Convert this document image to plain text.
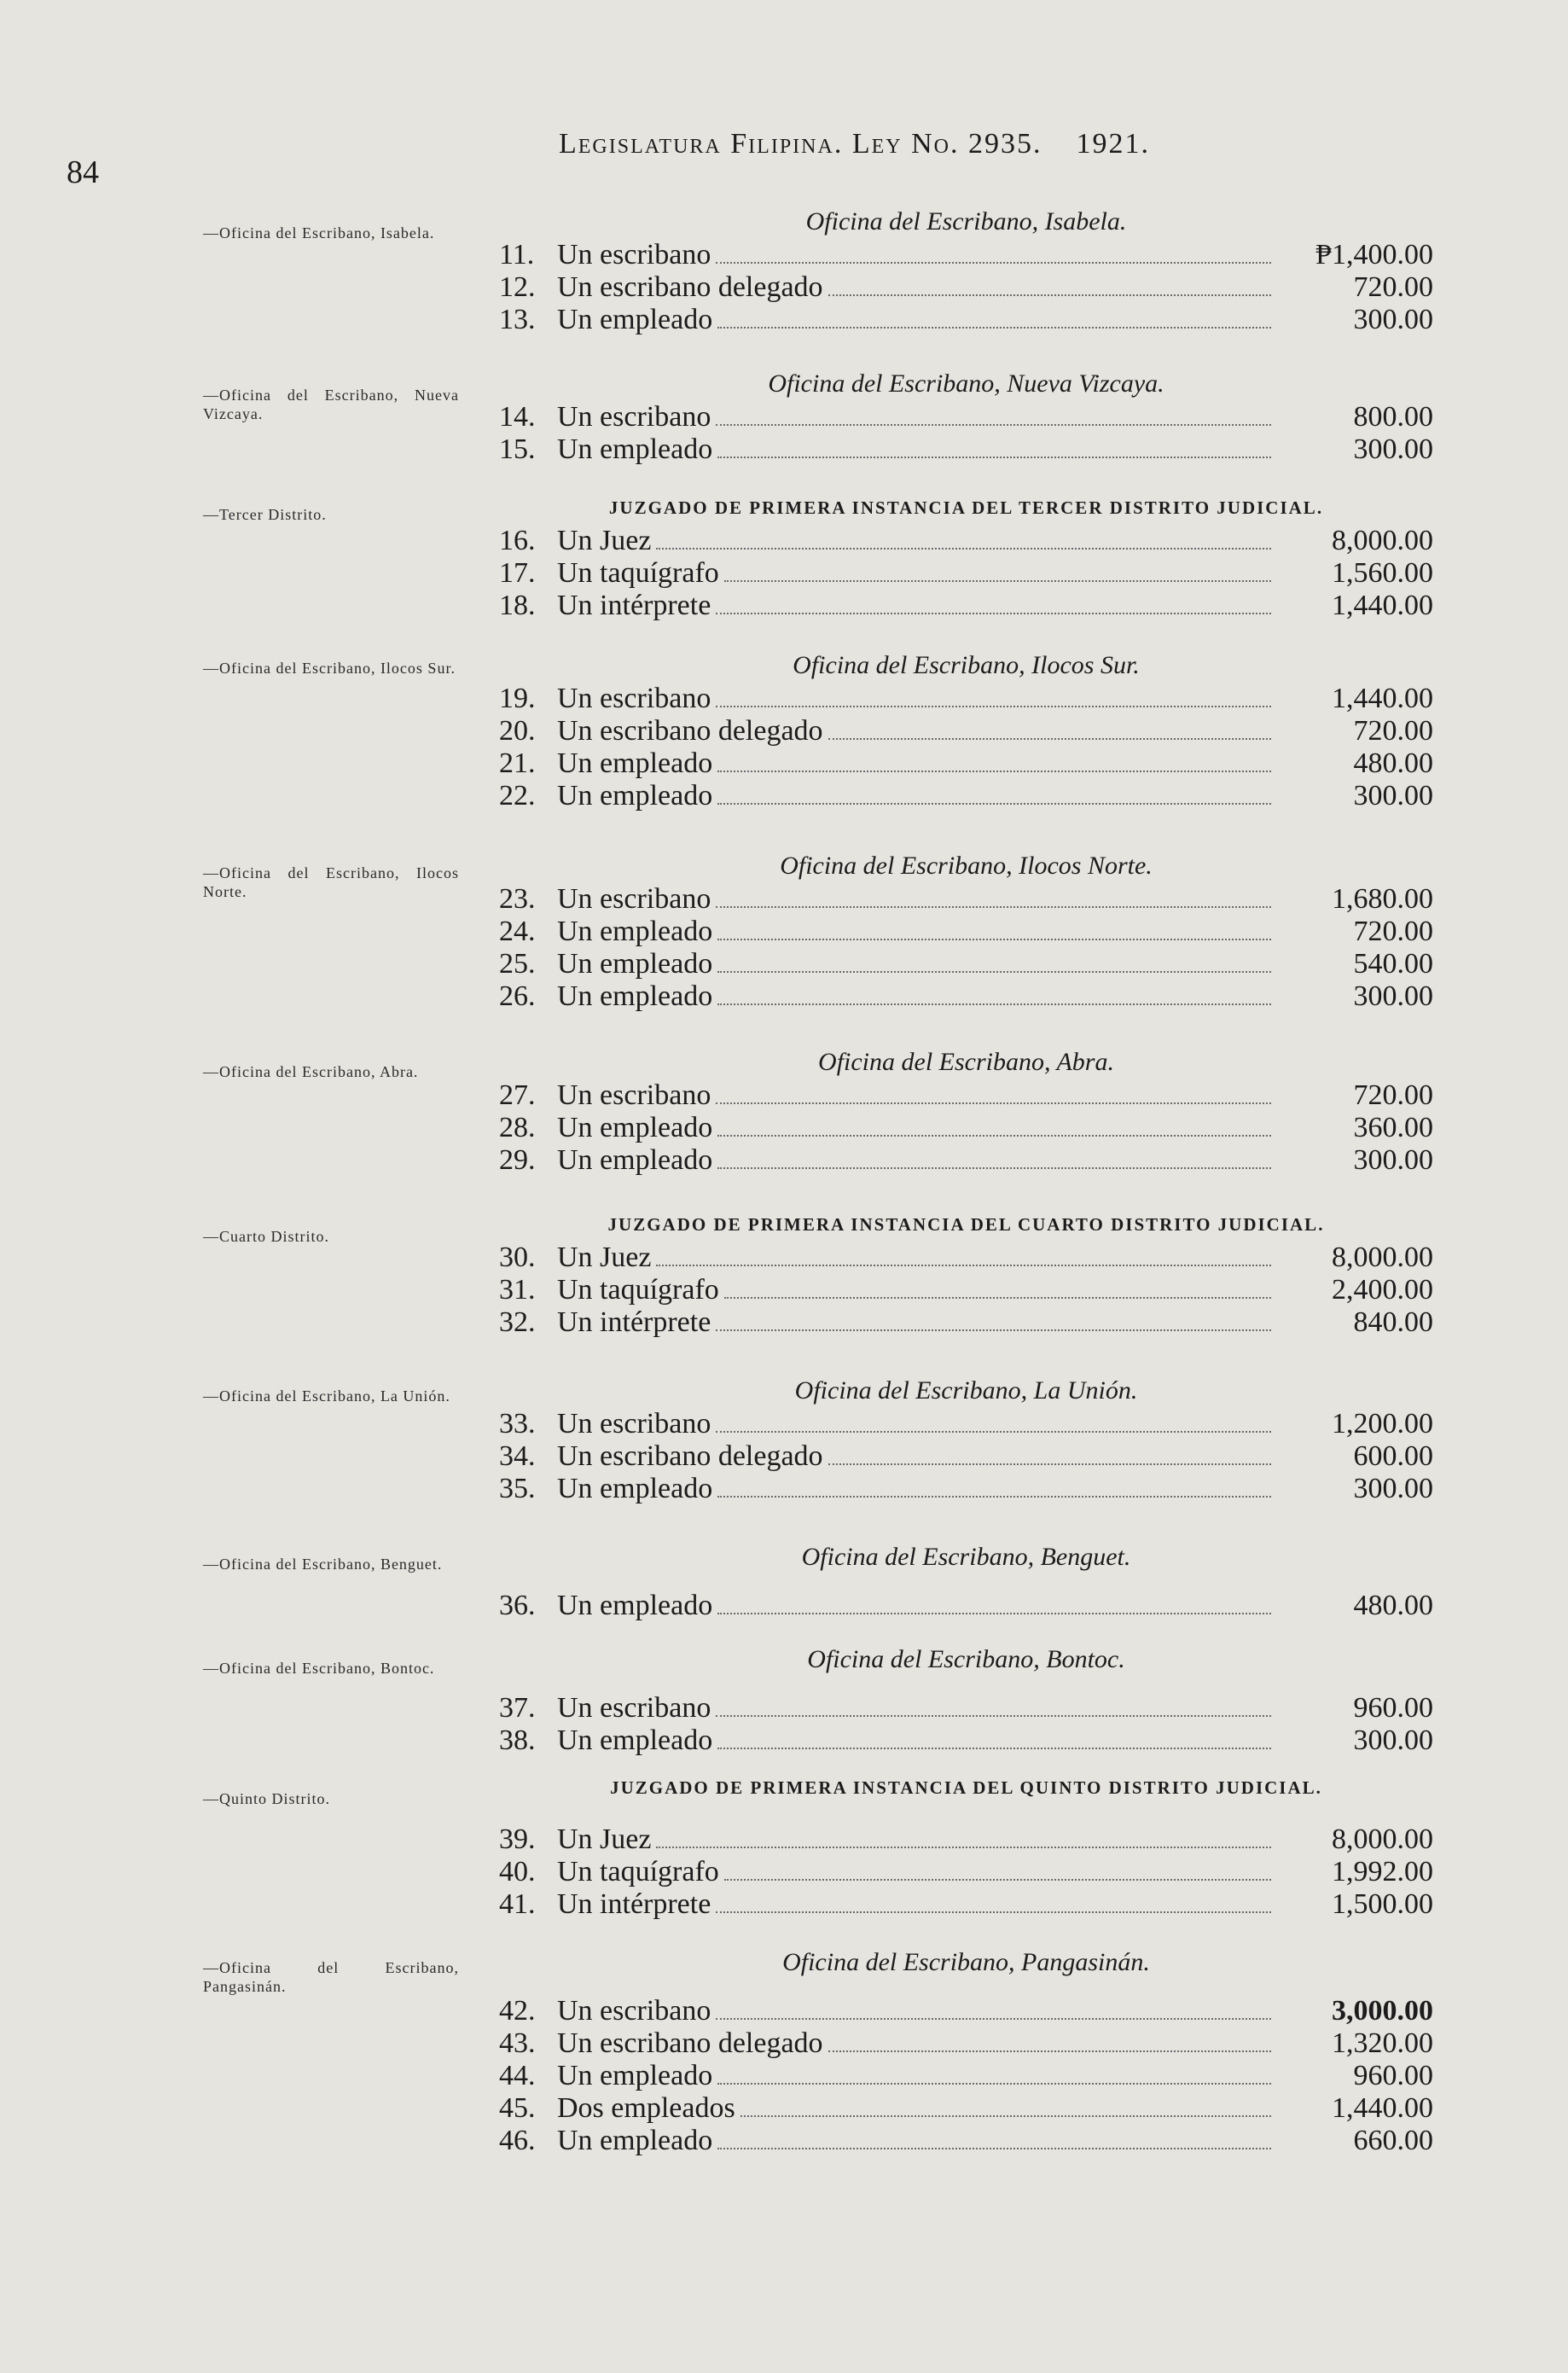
84
Legislatura Filipina. Ley No. 2935. 1921.
—Oficina del Escribano, Isabela.
—Oficina del Escribano, Nueva Vizcaya.
—Tercer Distrito.
—Oficina del Escribano, Ilocos Sur.
—Oficina del Escribano, Ilocos Norte.
—Oficina del Escribano, Abra.
—Cuarto Distrito.
—Oficina del Escribano, La Unión.
—Oficina del Escribano, Benguet.
—Oficina del Escribano, Bontoc.
—Quinto Distrito.
—Oficina del Escribano, Pangasinán.
Oficina del Escribano, Isabela.
11. Un escribano	₱1,400.00
12. Un escribano delegado	720.00
13. Un empleado	300.00
Oficina del Escribano, Nueva Vizcaya.
14. Un escribano	800.00
15. Un empleado	300.00
JUZGADO DE PRIMERA INSTANCIA DEL TERCER DISTRITO JUDICIAL.
16. Un Juez	8,000.00
17. Un taquígrafo	1,560.00
18. Un intérprete	1,440.00
Oficina del Escribano, Ilocos Sur.
19. Un escribano	1,440.00
20. Un escribano delegado	720.00
21. Un empleado	480.00
22. Un empleado	300.00
Oficina del Escribano, Ilocos Norte.
23. Un escribano	1,680.00
24. Un empleado	720.00
25. Un empleado	540.00
26. Un empleado	300.00
Oficina del Escribano, Abra.
27. Un escribano	720.00
28. Un empleado	360.00
29. Un empleado	300.00
JUZGADO DE PRIMERA INSTANCIA DEL CUARTO DISTRITO JUDICIAL.
30. Un Juez	8,000.00
31. Un taquígrafo	2,400.00
32. Un intérprete	840.00
Oficina del Escribano, La Unión.
33. Un escribano	1,200.00
34. Un escribano delegado	600.00
35. Un empleado	300.00
Oficina del Escribano, Benguet.
36. Un empleado	480.00
Oficina del Escribano, Bontoc.
37. Un escribano	960.00
38. Un empleado	300.00
JUZGADO DE PRIMERA INSTANCIA DEL QUINTO DISTRITO JUDICIAL.
39. Un Juez	8,000.00
40. Un taquígrafo	1,992.00
41. Un intérprete	1,500.00
Oficina del Escribano, Pangasinán.
42. Un escribano	3,000.00
43. Un escribano delegado	1,320.00
44. Un empleado	960.00
45. Dos empleados	1,440.00
46. Un empleado	660.00
